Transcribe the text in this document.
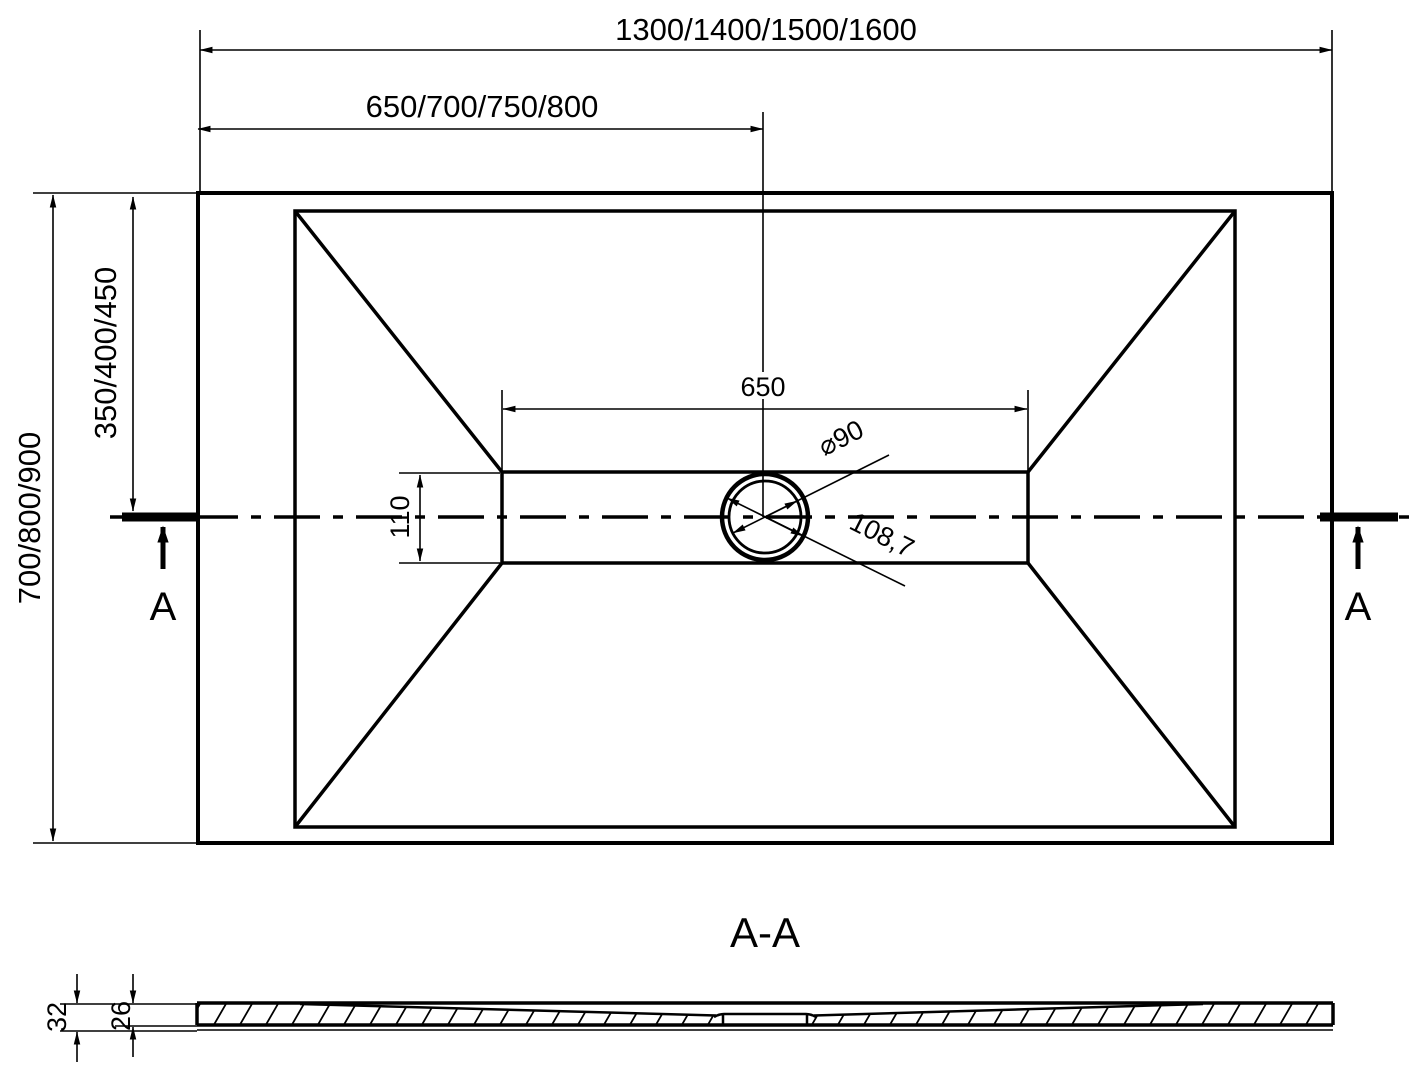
1300/1400/1500/1600
650/700/750/800
700/800/900
350/400/450	650
110
⌀90
108,7
A	A
A-A
32 26
